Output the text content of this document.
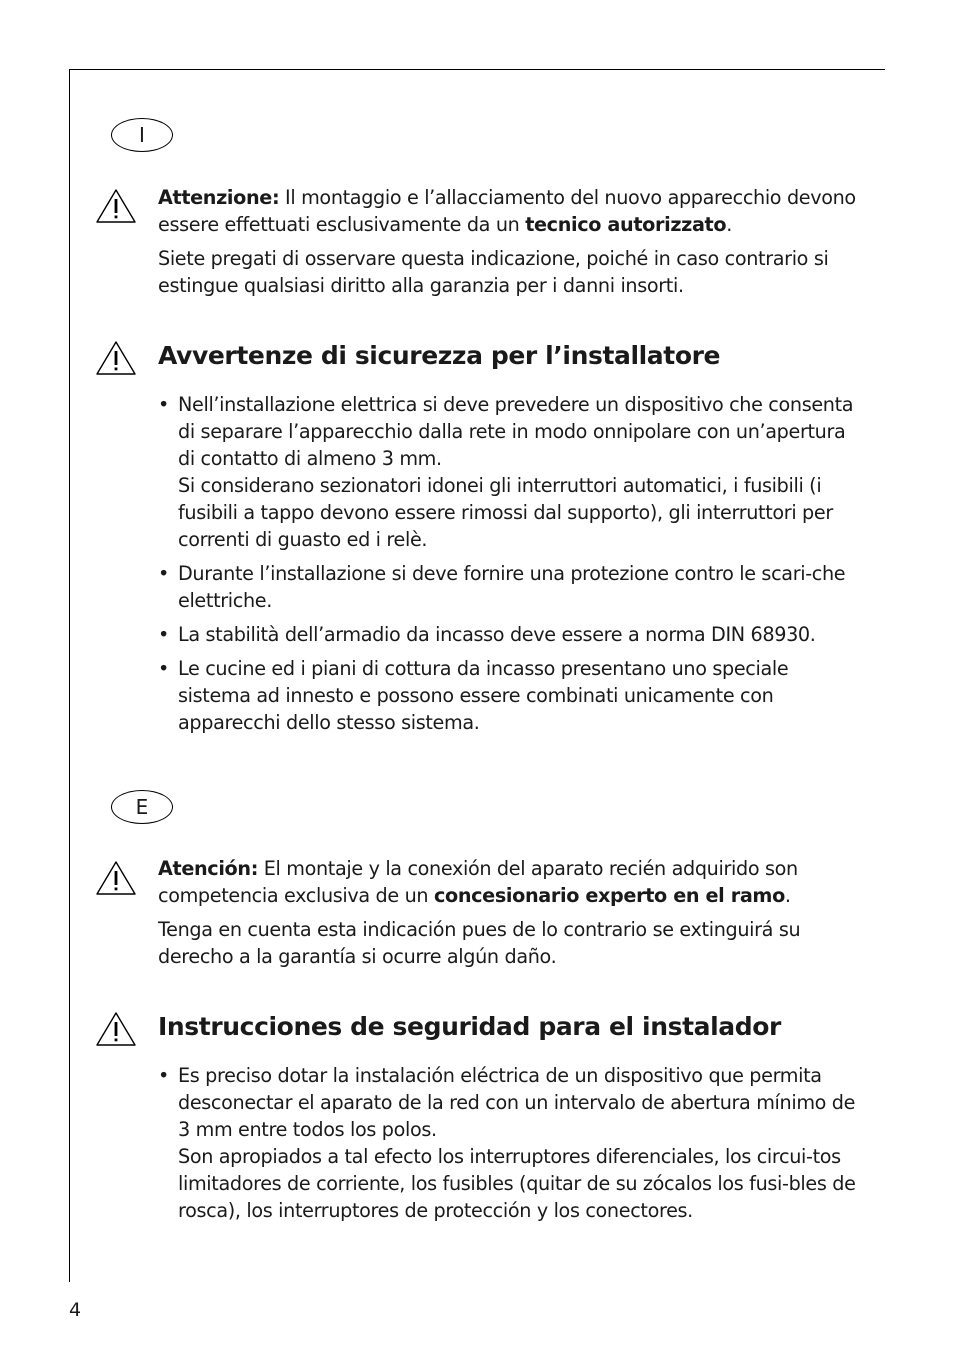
I

Attenzione: Il montaggio e l’allacciamento del nuovo apparecchio devono essere effettuati esclusivamente da un tecnico autorizzato.

Siete pregati di osservare questa indicazione, poiché in caso contrario si estingue qualsiasi diritto alla garanzia per i danni insorti.

Avvertenze di sicurezza per l’installatore
• Nell’installazione elettrica si deve prevedere un dispositivo che consenta di separare l’apparecchio dalla rete in modo onnipolare con un’apertura di contatto di almeno 3 mm.
Si considerano sezionatori idonei gli interruttori automatici, i fusibili (i fusibili a tappo devono essere rimossi dal supporto), gli interruttori per correnti di guasto ed i relè.
• Durante l’installazione si deve fornire una protezione contro le scari-che elettriche.
• La stabilità dell’armadio da incasso deve essere a norma DIN 68930.
• Le cucine ed i piani di cottura da incasso presentano uno speciale sistema ad innesto e possono essere combinati unicamente con apparecchi dello stesso sistema.
E

Atención: El montaje y la conexión del aparato recién adquirido son competencia exclusiva de un concesionario experto en el ramo.

Tenga en cuenta esta indicación pues de lo contrario se extinguirá su derecho a la garantía si ocurre algún daño.

Instrucciones de seguridad para el instalador
• Es preciso dotar la instalación eléctrica de un dispositivo que permita desconectar el aparato de la red con un intervalo de abertura mínimo de 3 mm entre todos los polos.
Son apropiados a tal efecto los interruptores diferenciales, los circui-tos limitadores de corriente, los fusibles (quitar de su zócalos los fusi-bles de rosca), los interruptores de protección y los conectores.
4
